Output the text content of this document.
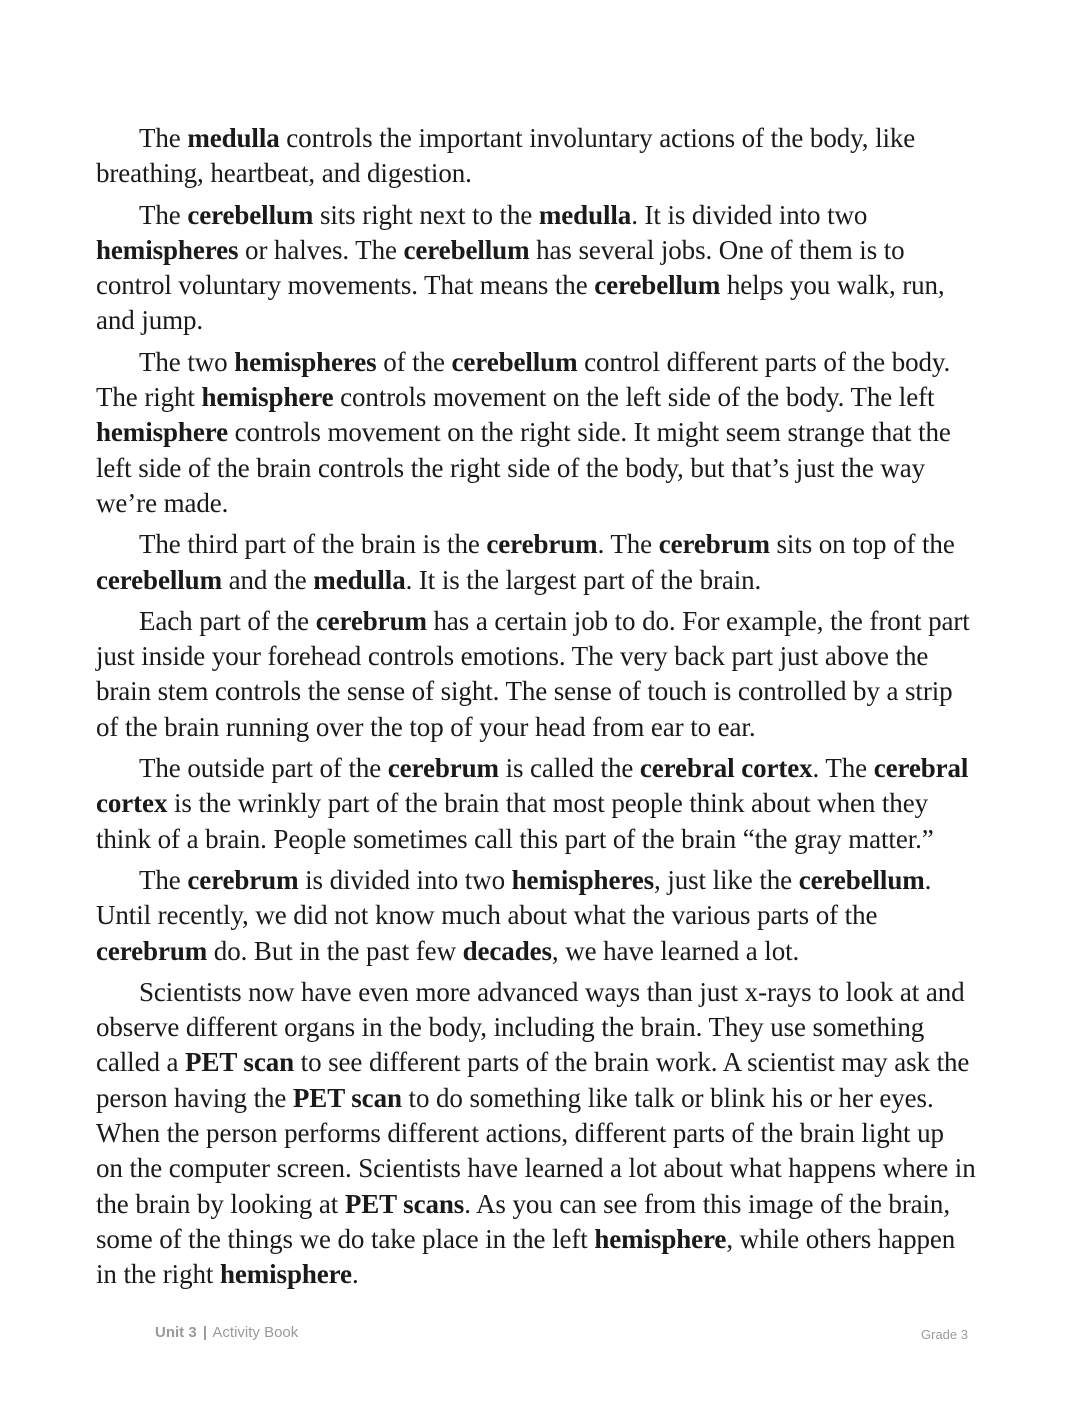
The medulla controls the important involuntary actions of the body, like breathing, heartbeat, and digestion.

The cerebellum sits right next to the medulla. It is divided into two hemispheres or halves. The cerebellum has several jobs. One of them is to control voluntary movements. That means the cerebellum helps you walk, run, and jump.

The two hemispheres of the cerebellum control different parts of the body. The right hemisphere controls movement on the left side of the body. The left hemisphere controls movement on the right side. It might seem strange that the left side of the brain controls the right side of the body, but that’s just the way we’re made.

The third part of the brain is the cerebrum. The cerebrum sits on top of the cerebellum and the medulla. It is the largest part of the brain.

Each part of the cerebrum has a certain job to do. For example, the front part just inside your forehead controls emotions. The very back part just above the brain stem controls the sense of sight. The sense of touch is controlled by a strip of the brain running over the top of your head from ear to ear.

The outside part of the cerebrum is called the cerebral cortex. The cerebral cortex is the wrinkly part of the brain that most people think about when they think of a brain. People sometimes call this part of the brain “the gray matter.”

The cerebrum is divided into two hemispheres, just like the cerebellum. Until recently, we did not know much about what the various parts of the cerebrum do. But in the past few decades, we have learned a lot.

Scientists now have even more advanced ways than just x-rays to look at and observe different organs in the body, including the brain. They use something called a PET scan to see different parts of the brain work. A scientist may ask the person having the PET scan to do something like talk or blink his or her eyes. When the person performs different actions, different parts of the brain light up on the computer screen. Scientists have learned a lot about what happens where in the brain by looking at PET scans. As you can see from this image of the brain, some of the things we do take place in the left hemisphere, while others happen in the right hemisphere.

Unit 3 | Activity Book	Grade 3
